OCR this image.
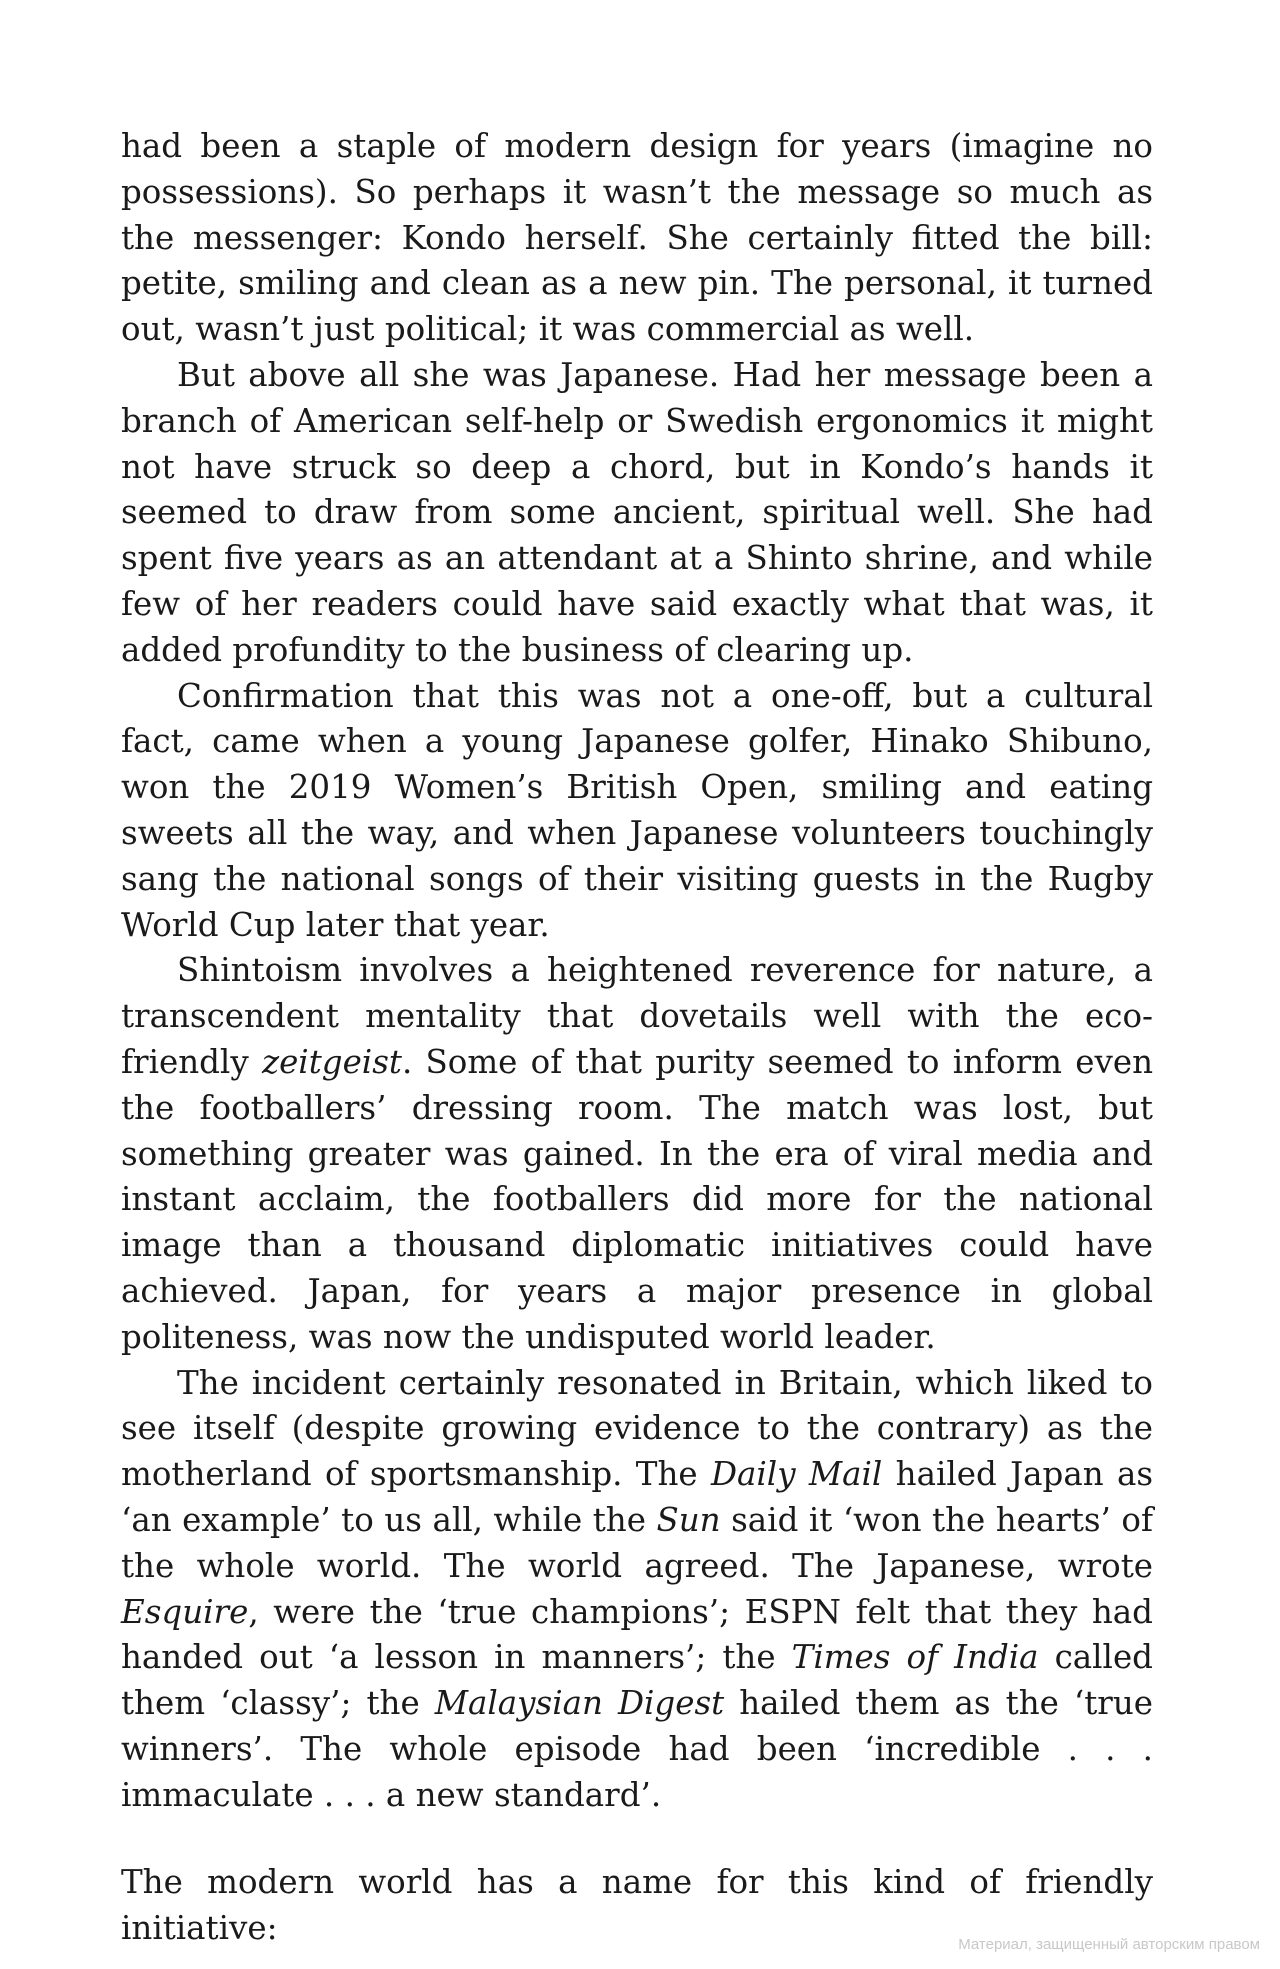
had been a staple of modern design for years (imagine no possessions). So perhaps it wasn’t the message so much as the messenger: Kondo herself. She certainly fitted the bill: petite, smiling and clean as a new pin. The personal, it turned out, wasn’t just political; it was commercial as well.

But above all she was Japanese. Had her message been a branch of American self-help or Swedish ergonomics it might not have struck so deep a chord, but in Kondo’s hands it seemed to draw from some ancient, spiritual well. She had spent five years as an attendant at a Shinto shrine, and while few of her readers could have said exactly what that was, it added profundity to the business of clearing up.

Confirmation that this was not a one-off, but a cultural fact, came when a young Japanese golfer, Hinako Shibuno, won the 2019 Women’s British Open, smiling and eating sweets all the way, and when Japanese volunteers touchingly sang the national songs of their visiting guests in the Rugby World Cup later that year.

Shintoism involves a heightened reverence for nature, a transcendent mentality that dovetails well with the eco-friendly zeitgeist. Some of that purity seemed to inform even the footballers’ dressing room. The match was lost, but something greater was gained. In the era of viral media and instant acclaim, the footballers did more for the national image than a thousand diplomatic initiatives could have achieved. Japan, for years a major presence in global politeness, was now the undisputed world leader.

The incident certainly resonated in Britain, which liked to see itself (despite growing evidence to the contrary) as the motherland of sportsmanship. The Daily Mail hailed Japan as ‘an example’ to us all, while the Sun said it ‘won the hearts’ of the whole world. The world agreed. The Japanese, wrote Esquire, were the ‘true champions’; ESPN felt that they had handed out ‘a lesson in manners’; the Times of India called them ‘classy’; the Malaysian Digest hailed them as the ‘true winners’. The whole episode had been ‘incredible . . . immaculate . . . a new standard’.

The modern world has a name for this kind of friendly initiative:	Материал, защищенный авторским правом
